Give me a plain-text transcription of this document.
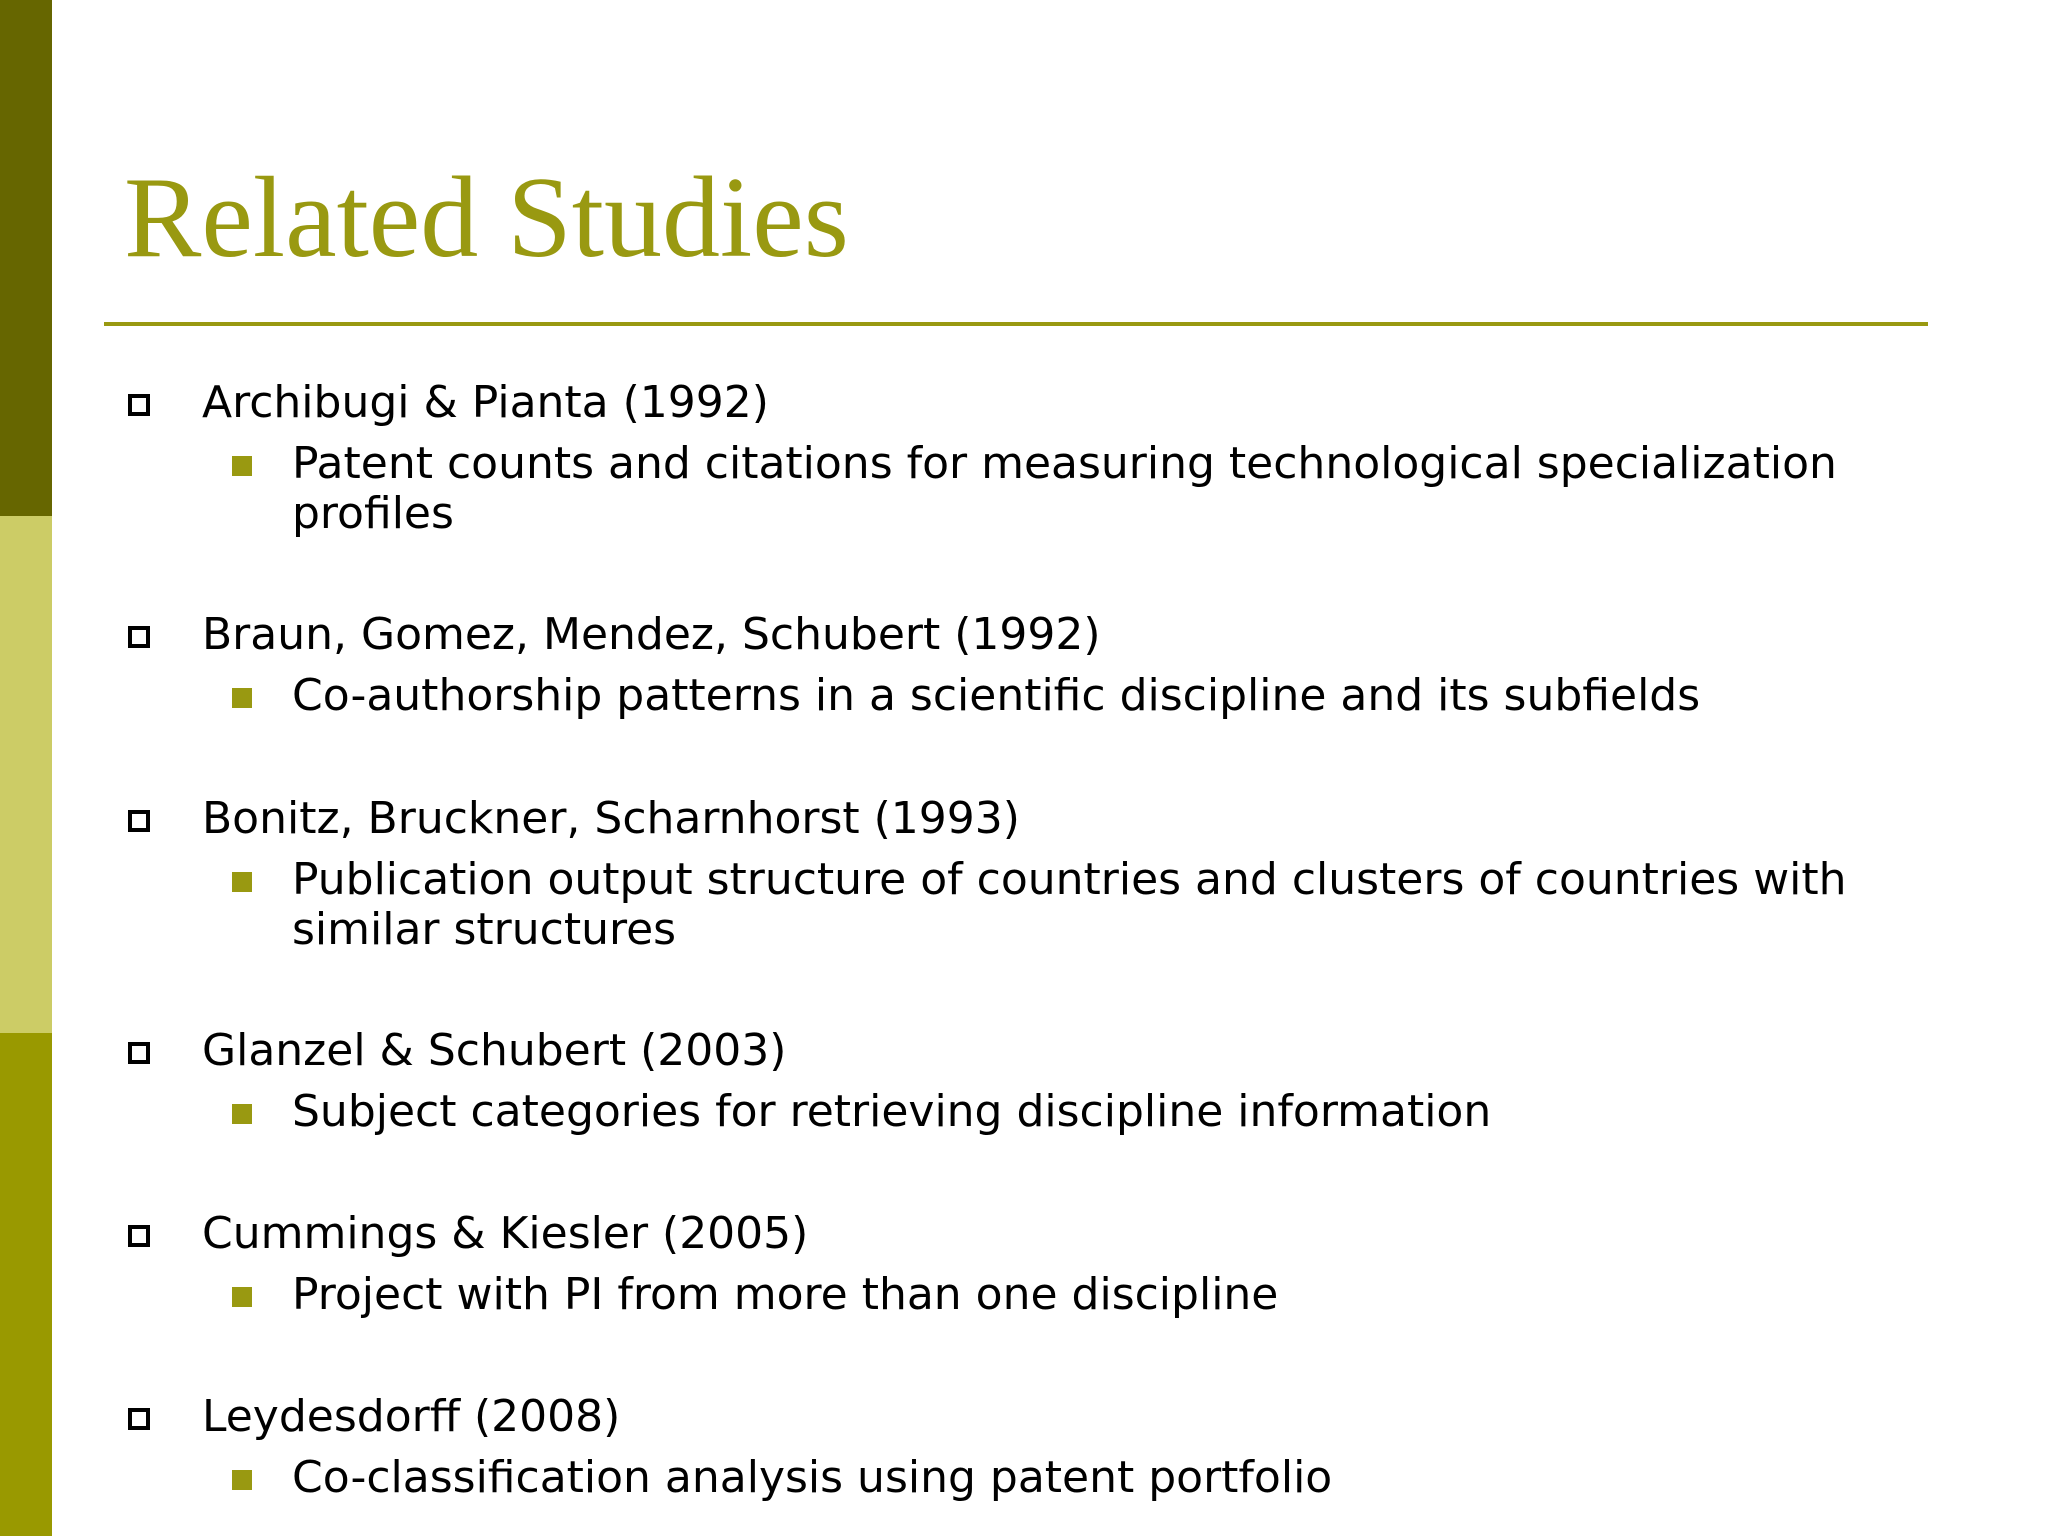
Related Studies
Archibugi & Pianta (1992)
Patent counts and citations for measuring technological specialization profiles
Braun, Gomez, Mendez, Schubert (1992)
Co-authorship patterns in a scientific discipline and its subfields
Bonitz, Bruckner, Scharnhorst (1993)
Publication output structure of countries and clusters of countries with similar structures
Glanzel & Schubert (2003)
Subject categories for retrieving discipline information
Cummings & Kiesler (2005)
Project with PI from more than one discipline
Leydesdorff (2008)
Co-classification analysis using patent portfolio
